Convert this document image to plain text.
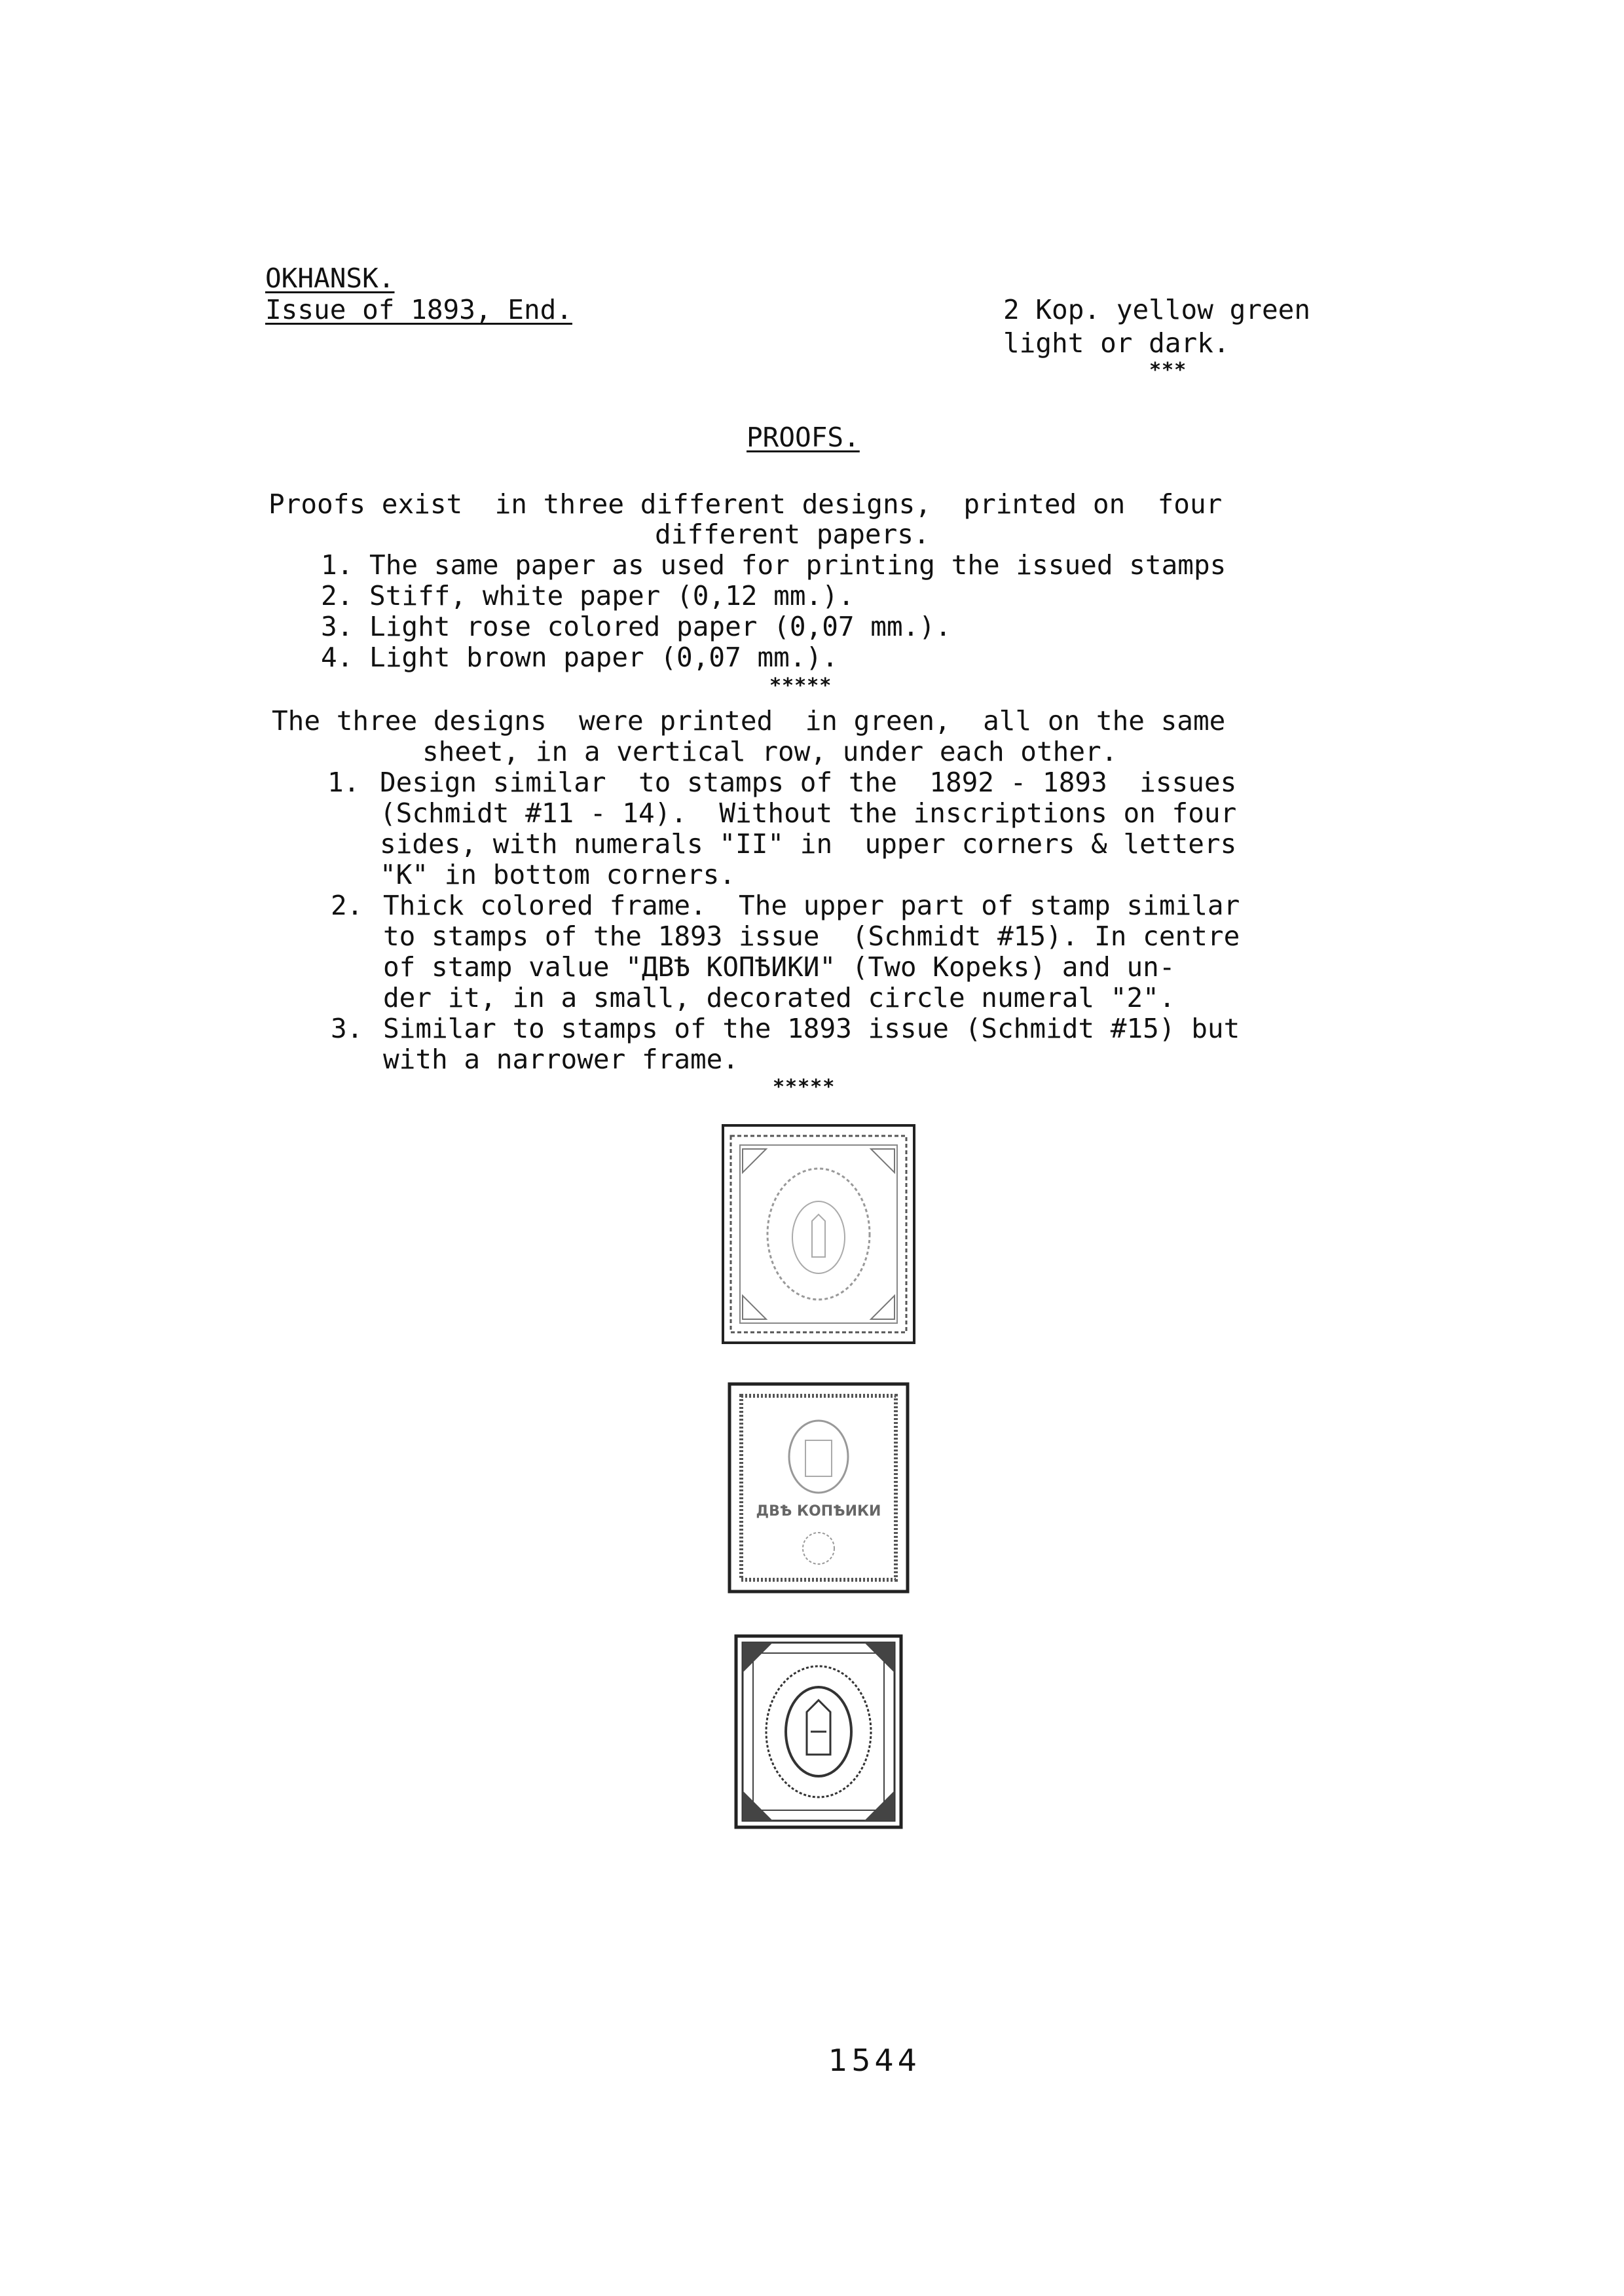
OKHANSK.
Issue of 1893, End.	2 Kop. yellow green
light or dark.
***
PROOFS.
Proofs exist  in three different designs,  printed on  four
different papers.
1. The same paper as used for printing the issued stamps
2. Stiff, white paper (0,12 mm.).
3. Light rose colored paper (0,07 mm.).
4. Light brown paper (0,07 mm.).
*****
The three designs  were printed  in green,  all on the same
sheet, in a vertical row, under each other.
1. Design similar  to stamps of the  1892 - 1893  issues
(Schmidt #11 - 14).  Without the inscriptions on four
sides, with numerals "II" in  upper corners & letters
"K" in bottom corners.
2. Thick colored frame.  The upper part of stamp similar
to stamps of the 1893 issue  (Schmidt #15). In centre
of stamp value "ДВѢ КОПѢИКИ" (Two Kopeks) and un-
der it, in a small, decorated circle numeral "2".
3. Similar to stamps of the 1893 issue (Schmidt #15) but
with a narrower frame.
*****
ДВѢ КОПѢИКИ
1544
